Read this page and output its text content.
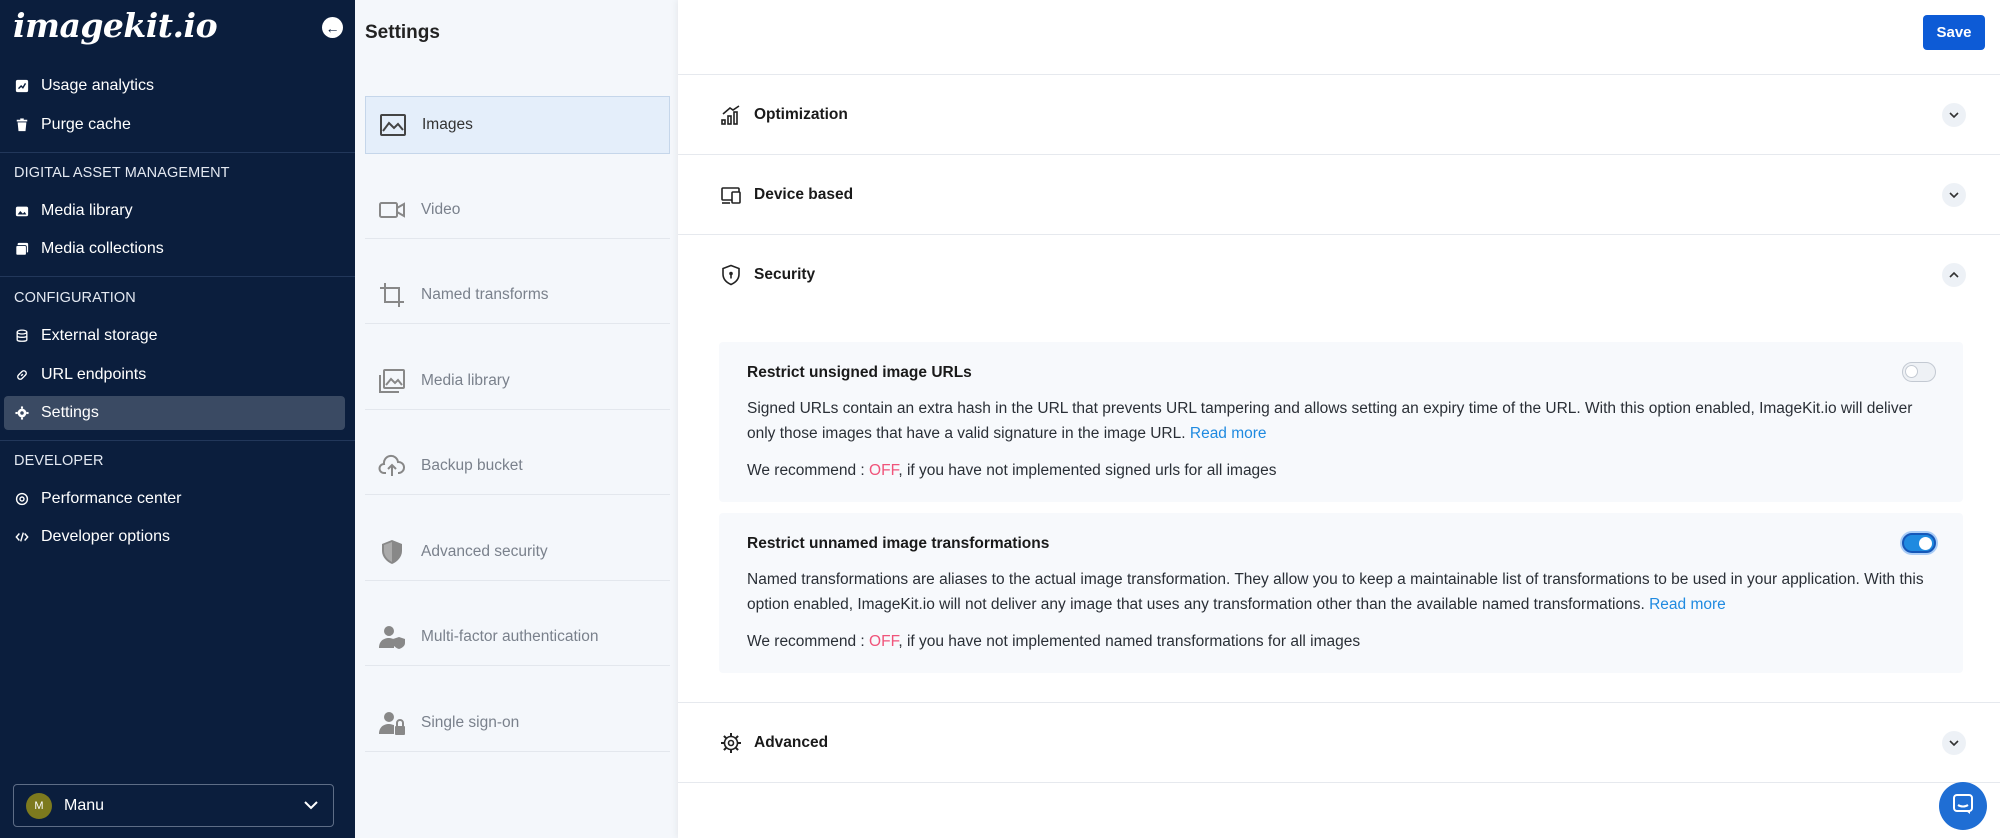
imagekit.io	←
Usage analytics
Purge cache
DIGITAL ASSET MANAGEMENT
Media library
Media collections
CONFIGURATION
External storage
URL endpoints
Settings
DEVELOPER
Performance center
Developer options
M	Manu
Settings
Images
Video
Named transforms
Media library
Backup bucket
Advanced security
Multi-factor authentication
Single sign-on
Save
Optimization
Device based
Security
Restrict unsigned image URLs
Signed URLs contain an extra hash in the URL that prevents URL tampering and allows setting an expiry time of the URL. With this option enabled, ImageKit.io will deliver only those images that have a valid signature in the image URL. Read more
We recommend : OFF, if you have not implemented signed urls for all images
Restrict unnamed image transformations
Named transformations are aliases to the actual image transformation. They allow you to keep a maintainable list of transformations to be used in your application. With this option enabled, ImageKit.io will not deliver any image that uses any transformation other than the available named transformations. Read more
We recommend : OFF, if you have not implemented named transformations for all images
Advanced
